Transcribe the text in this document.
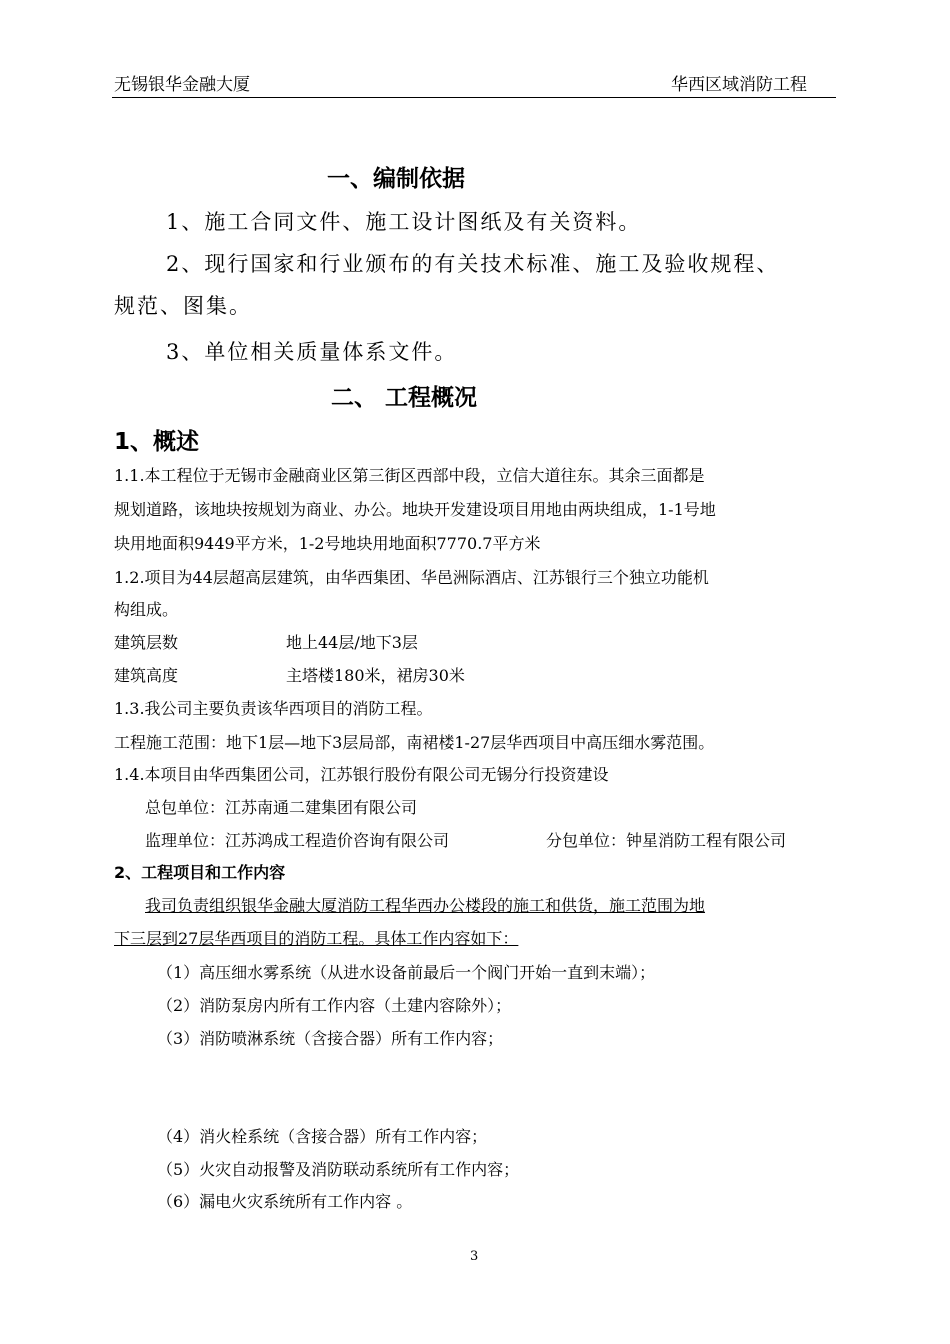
无锡银华金融大厦	华西区域消防工程
一、编制依据
1、施工合同文件、施工设计图纸及有关资料。
2、现行国家和行业颁布的有关技术标准、施工及验收规程、
规范、图集。
3、单位相关质量体系文件。
二、 工程概况
1、概述
1.1.本工程位于无锡市金融商业区第三街区西部中段，立信大道往东。其余三面都是
规划道路，该地块按规划为商业、办公。地块开发建设项目用地由两块组成，1-1号地
块用地面积9449平方米，1-2号地块用地面积7770.7平方米
1.2.项目为44层超高层建筑，由华西集团、华邑洲际酒店、江苏银行三个独立功能机
构组成。
建筑层数	地上44层/地下3层
建筑高度	主塔楼180米，裙房30米
1.3.我公司主要负责该华西项目的消防工程。
工程施工范围：地下1层—地下3层局部，南裙楼1-27层华西项目中高压细水雾范围。
1.4.本项目由华西集团公司，江苏银行股份有限公司无锡分行投资建设
总包单位：江苏南通二建集团有限公司
监理单位：江苏鸿成工程造价咨询有限公司	分包单位：钟星消防工程有限公司
2、工程项目和工作内容
我司负责组织银华金融大厦消防工程华西办公楼段的施工和供货，施工范围为地
下三层到27层华西项目的消防工程。具体工作内容如下：
（1）高压细水雾系统（从进水设备前最后一个阀门开始一直到末端）；
（2）消防泵房内所有工作内容（土建内容除外）；
（3）消防喷淋系统（含接合器）所有工作内容；
（4）消火栓系统（含接合器）所有工作内容；
（5）火灾自动报警及消防联动系统所有工作内容；
（6）漏电火灾系统所有工作内容 。
3
